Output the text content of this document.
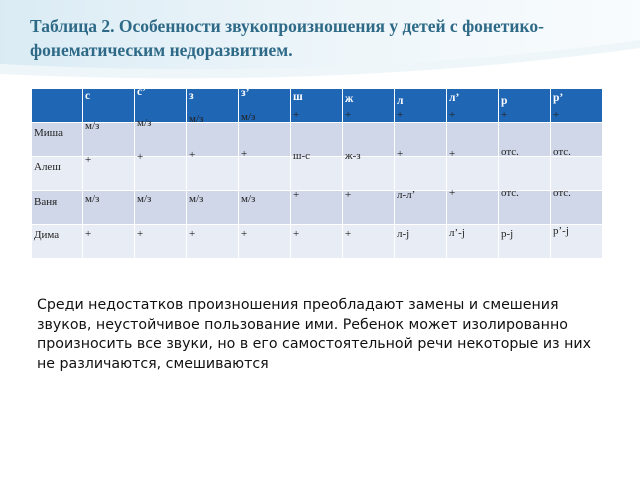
Таблица 2. Особенности звукопроизношения у детей с фонетико-фонематическим недоразвитием.

	с	с’	з	з’	ш	ж	л	л’	р	р’

Миша	м/з	м/з	м/з	м/з	+	+	+	+	+	+

Алеш	+	+	+	+	ш-с	ж-з	+	+	отс.	отс.

Ваня	м/з	м/з	м/з	м/з	+	+	л-л’	+	отс.	отс.

Дима	+	+	+	+	+	+	л-j	л’-j	р-j	р’-j

Среди недостатков произношения преобладают замены и смешения звуков, неустойчивое пользование ими. Ребенок может изолированно произносить все звуки, но в его самостоятельной речи некоторые из них не различаются, смешиваются
